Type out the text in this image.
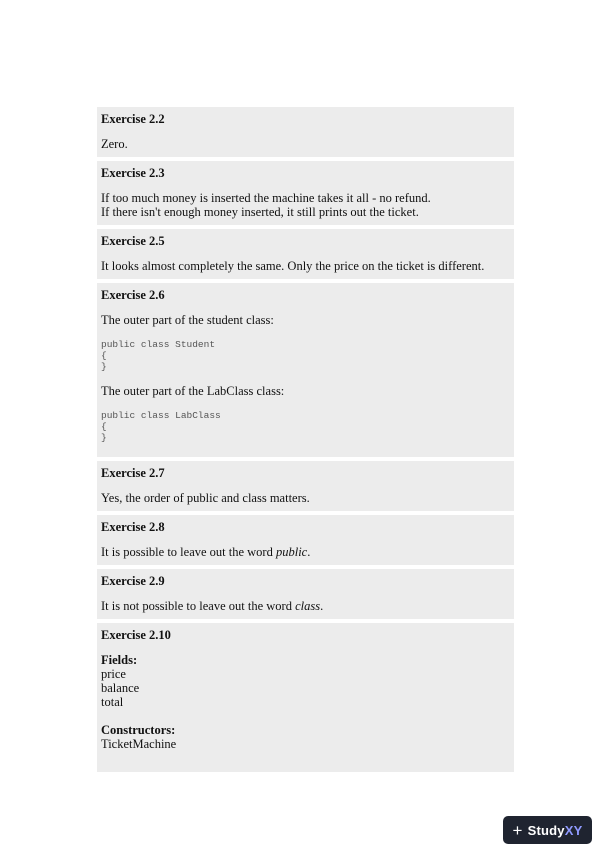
Exercise 2.2
Zero.
Exercise 2.3
If too much money is inserted the machine takes it all - no refund.
If there isn't enough money inserted, it still prints out the ticket.
Exercise 2.5
It looks almost completely the same. Only the price on the ticket is different.
Exercise 2.6
The outer part of the student class:
public class Student
{
}
The outer part of the LabClass class:
public class LabClass
{
}
Exercise 2.7
Yes, the order of public and class matters.
Exercise 2.8
It is possible to leave out the word public.
Exercise 2.9
It is not possible to leave out the word class.
Exercise 2.10
Fields:
price
balance
total
Constructors:
TicketMachine
+ Study XY
